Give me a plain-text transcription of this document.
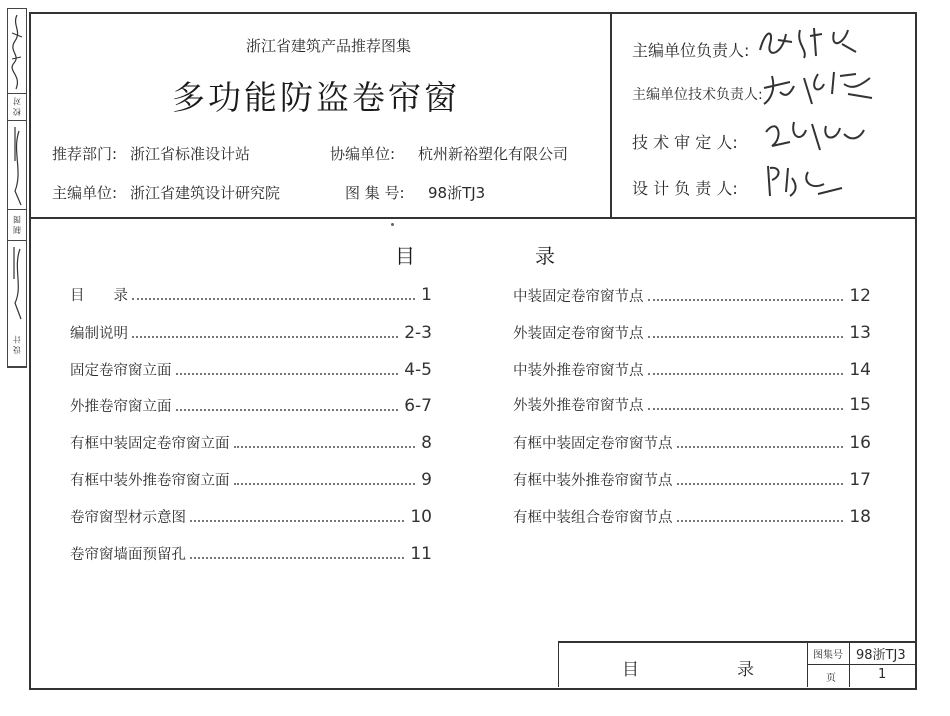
校 对
制 图
设 计
浙江省建筑产品推荐图集
多功能防盗卷帘窗
推荐部门: 浙江省标准设计站
主编单位: 浙江省建筑设计研究院
协编单位: 杭州新裕塑化有限公司
图 集 号: 98浙TJ3
主编单位负责人:
主编单位技术负责人:
技 术 审 定 人:
设 计 负 责 人:
目	录
目　　录	1
编制说明	2-3
固定卷帘窗立面	4-5
外推卷帘窗立面	6-7
有框中装固定卷帘窗立面	8
有框中装外推卷帘窗立面	9
卷帘窗型材示意图	10
卷帘窗墙面预留孔	11
中装固定卷帘窗节点	12
外装固定卷帘窗节点	13
中装外推卷帘窗节点	14
外装外推卷帘窗节点	15
有框中装固定卷帘窗节点	16
有框中装外推卷帘窗节点	17
有框中装组合卷帘窗节点	18
目	录
图集号 98浙TJ3
页	1
